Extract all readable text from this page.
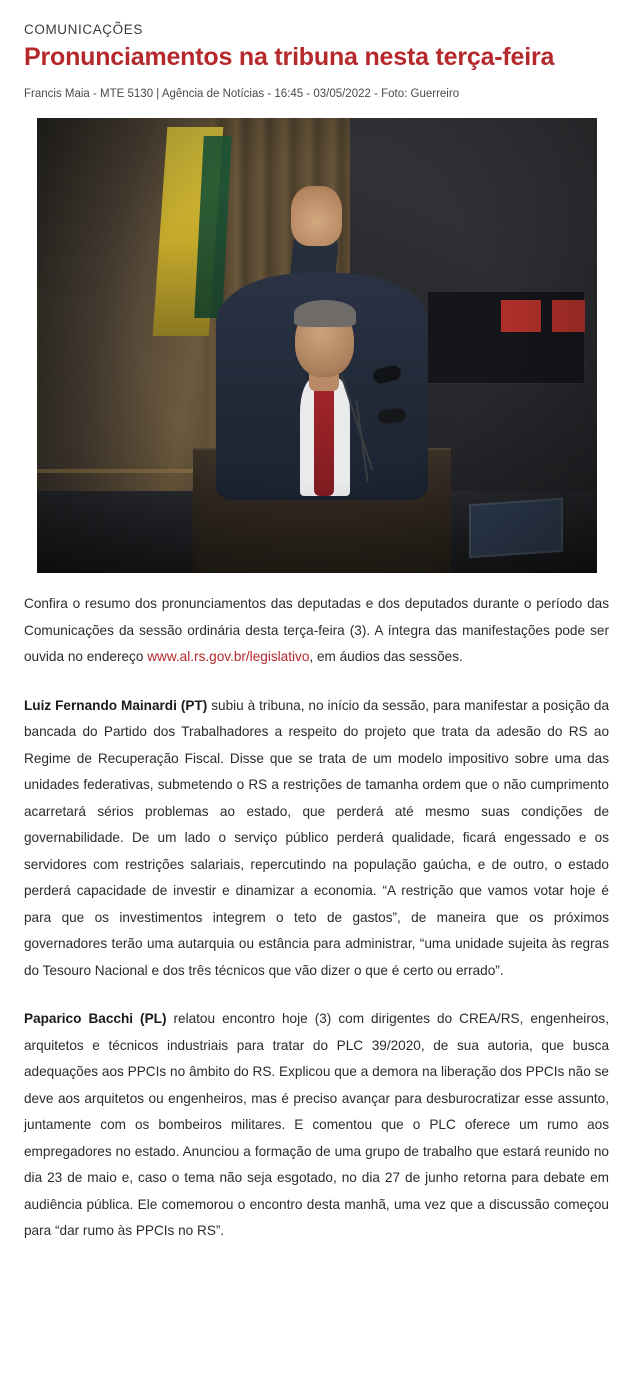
COMUNICAÇÕES
Pronunciamentos na tribuna nesta terça-feira
Francis Maia - MTE 5130 | Agência de Notícias - 16:45 - 03/05/2022 - Foto: Guerreiro

Confira o resumo dos pronunciamentos das deputadas e dos deputados durante o período das Comunicações da sessão ordinária desta terça-feira (3). A íntegra das manifestações pode ser ouvida no endereço www.al.rs.gov.br/legislativo, em áudios das sessões.

Luiz Fernando Mainardi (PT) subiu à tribuna, no início da sessão, para manifestar a posição da bancada do Partido dos Trabalhadores a respeito do projeto que trata da adesão do RS ao Regime de Recuperação Fiscal. Disse que se trata de um modelo impositivo sobre uma das unidades federativas, submetendo o RS a restrições de tamanha ordem que o não cumprimento acarretará sérios problemas ao estado, que perderá até mesmo suas condições de governabilidade. De um lado o serviço público perderá qualidade, ficará engessado e os servidores com restrições salariais, repercutindo na população gaúcha, e de outro, o estado perderá capacidade de investir e dinamizar a economia. “A restrição que vamos votar hoje é para que os investimentos integrem o teto de gastos”, de maneira que os próximos governadores terão uma autarquia ou estância para administrar, “uma unidade sujeita às regras do Tesouro Nacional e dos três técnicos que vão dizer o que é certo ou errado”.

Paparico Bacchi (PL) relatou encontro hoje (3) com dirigentes do CREA/RS, engenheiros, arquitetos e técnicos industriais para tratar do PLC 39/2020, de sua autoria, que busca adequações aos PPCIs no âmbito do RS. Explicou que a demora na liberação dos PPCIs não se deve aos arquitetos ou engenheiros, mas é preciso avançar para desburocratizar esse assunto, juntamente com os bombeiros militares. E comentou que o PLC oferece um rumo aos empregadores no estado. Anunciou a formação de uma grupo de trabalho que estará reunido no dia 23 de maio e, caso o tema não seja esgotado, no dia 27 de junho retorna para debate em audiência pública. Ele comemorou o encontro desta manhã, uma vez que a discussão começou para “dar rumo às PPCIs no RS”.
